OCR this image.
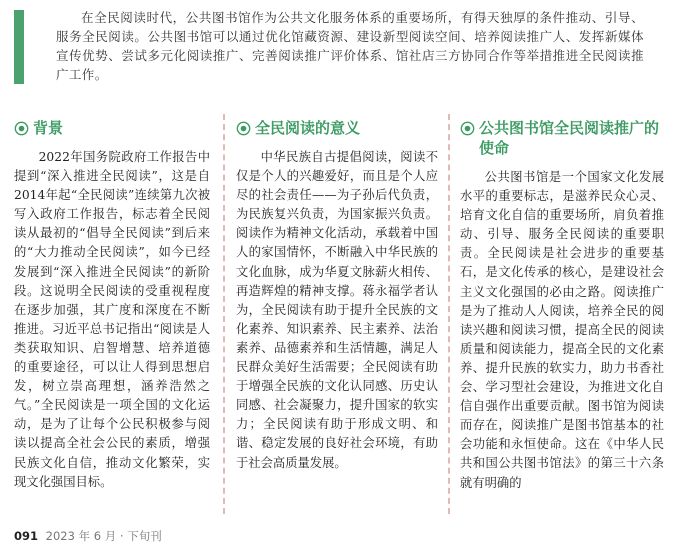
在全民阅读时代，公共图书馆作为公共文化服务体系的重要场所，有得天独厚的条件推动、引导、服务全民阅读。公共图书馆可以通过优化馆藏资源、建设新型阅读空间、培养阅读推广人、发挥新媒体宣传优势、尝试多元化阅读推广、完善阅读推广评价体系、馆社店三方协同合作等举措推进全民阅读推广工作。
背景

2022年国务院政府工作报告中提到“深入推进全民阅读”，这是自2014年起“全民阅读”连续第九次被写入政府工作报告，标志着全民阅读从最初的“倡导全民阅读”到后来的“大力推动全民阅读”，如今已经发展到“深入推进全民阅读”的新阶段。这说明全民阅读的受重视程度在逐步加强，其广度和深度在不断推进。习近平总书记指出“阅读是人类获取知识、启智增慧、培养道德的重要途径，可以让人得到思想启发，树立崇高理想，涵养浩然之气。”全民阅读是一项全国的文化运动，是为了让每个公民积极参与阅读以提高全社会公民的素质，增强民族文化自信，推动文化繁荣，实现文化强国目标。

全民阅读的意义

中华民族自古提倡阅读，阅读不仅是个人的兴趣爱好，而且是个人应尽的社会责任——为子孙后代负责，为民族复兴负责，为国家振兴负责。阅读作为精神文化活动，承载着中国人的家国情怀，不断融入中华民族的文化血脉，成为华夏文脉薪火相传、再造辉煌的精神支撑。蒋永福学者认为，全民阅读有助于提升全民族的文化素养、知识素养、民主素养、法治素养、品德素养和生活情趣，满足人民群众美好生活需要；全民阅读有助于增强全民族的文化认同感、历史认同感、社会凝聚力，提升国家的软实力；全民阅读有助于形成文明、和谐、稳定发展的良好社会环境，有助于社会高质量发展。

公共图书馆全民阅读推广的使命

公共图书馆是一个国家文化发展水平的重要标志，是滋养民众心灵、培育文化自信的重要场所，肩负着推动、引导、服务全民阅读的重要职责。全民阅读是社会进步的重要基石，是文化传承的核心，是建设社会主义文化强国的必由之路。阅读推广是为了推动人人阅读，培养全民的阅读兴趣和阅读习惯，提高全民的阅读质量和阅读能力，提高全民的文化素养、提升民族的软实力，助力书香社会、学习型社会建设，为推进文化自信自强作出重要贡献。图书馆为阅读而存在，阅读推广是图书馆基本的社会功能和永恒使命。这在《中华人民共和国公共图书馆法》的第三十六条就有明确的

091 2023 年 6 月 · 下旬刊
